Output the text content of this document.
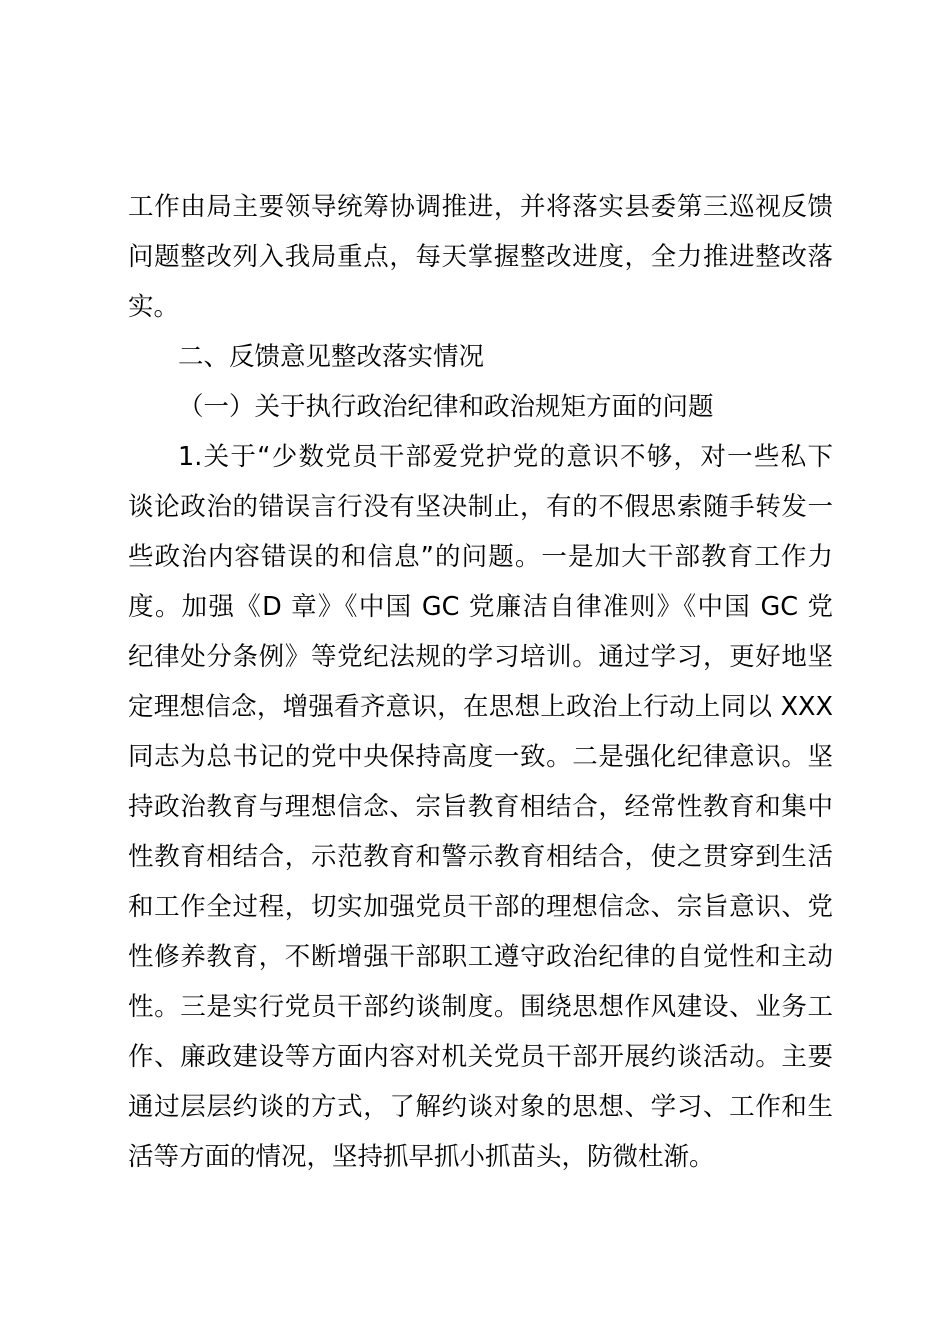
工作由局主要领导统筹协调推进，并将落实县委第三巡视反馈
问题整改列入我局重点，每天掌握整改进度，全力推进整改落
实。
二、反馈意见整改落实情况
（一）关于执行政治纪律和政治规矩方面的问题
1.关于“少数党员干部爱党护党的意识不够，对一些私下
谈论政治的错误言行没有坚决制止，有的不假思索随手转发一
些政治内容错误的和信息”的问题。一是加大干部教育工作力
度。加强《D 章》《中国 GC 党廉洁自律准则》《中国 GC 党
纪律处分条例》等党纪法规的学习培训。通过学习，更好地坚
定理想信念，增强看齐意识，在思想上政治上行动上同以 XXX
同志为总书记的党中央保持高度一致。二是强化纪律意识。坚
持政治教育与理想信念、宗旨教育相结合，经常性教育和集中
性教育相结合，示范教育和警示教育相结合，使之贯穿到生活
和工作全过程，切实加强党员干部的理想信念、宗旨意识、党
性修养教育，不断增强干部职工遵守政治纪律的自觉性和主动
性。三是实行党员干部约谈制度。围绕思想作风建设、业务工
作、廉政建设等方面内容对机关党员干部开展约谈活动。主要
通过层层约谈的方式，了解约谈对象的思想、学习、工作和生
活等方面的情况，坚持抓早抓小抓苗头，防微杜渐。
